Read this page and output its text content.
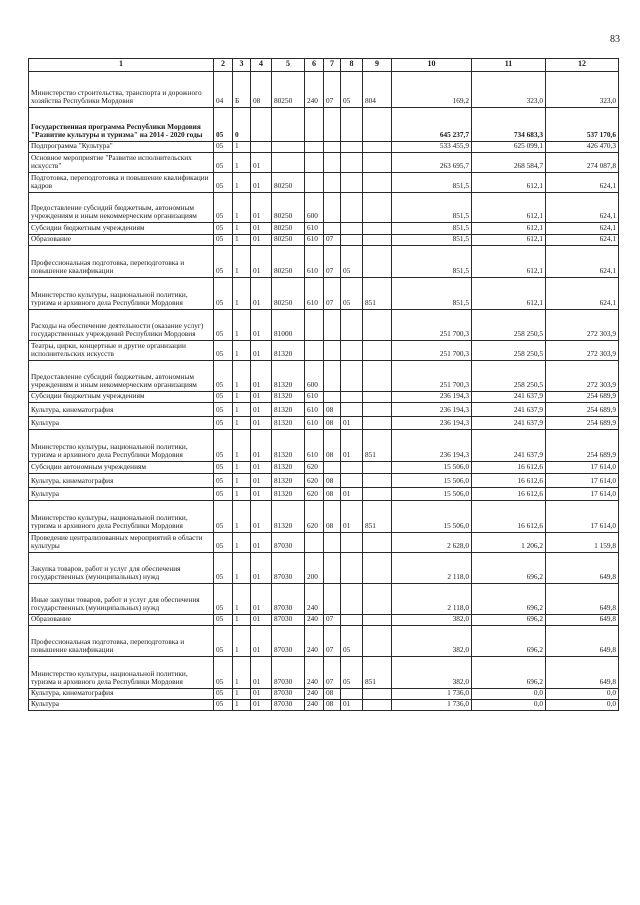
83
1	2	3	4	5	6	7	8	9	10	11	12
Министерство строительства, транспорта и дорожного хозяйства Республики Мордовия	04	Б	08	80250	240	07	05	804	169,2	323,0	323,0
Государственная программа Республики Мордовия "Развитие культуры и туризма" на 2014 - 2020 годы	05	0							645 237,7	734 683,3	537 170,6
Подпрограмма "Культура"	05	1							533 455,9	625 099,1	426 470,3
Основное мероприятие "Развитие исполнительских искусств"	05	1	01						263 695,7	268 584,7	274 087,8
Подготовка, переподготовка и повышение квалификации кадров	05	1	01	80250					851,5	612,1	624,1
Предоставление субсидий бюджетным, автономным учреждениям и иным некоммерческим организациям	05	1	01	80250	600				851,5	612,1	624,1
Субсидии бюджетным учреждениям	05	1	01	80250	610				851,5	612,1	624,1
Образование	05	1	01	80250	610	07			851,5	612,1	624,1
Профессиональная подготовка, переподготовка и повышение квалификации	05	1	01	80250	610	07	05		851,5	612,1	624,1
Министерство культуры, национальной политики, туризма и архивного дела Республики Мордовия	05	1	01	80250	610	07	05	851	851,5	612,1	624,1
Расходы на обеспечение деятельности (оказание услуг) государственных учреждений Республики Мордовия	05	1	01	81000					251 700,3	258 250,5	272 303,9
Театры, цирки, концертные и другие организации исполнительских искусств	05	1	01	81320					251 700,3	258 250,5	272 303,9
Предоставление субсидий бюджетным, автономным учреждениям и иным некоммерческим организациям	05	1	01	81320	600				251 700,3	258 250,5	272 303,9
Субсидии бюджетным учреждениям	05	1	01	81320	610				236 194,3	241 637,9	254 689,9
Культура, кинематография	05	1	01	81320	610	08			236 194,3	241 637,9	254 689,9
Культура	05	1	01	81320	610	08	01		236 194,3	241 637,9	254 689,9
Министерство культуры, национальной политики, туризма и архивного дела Республики Мордовия	05	1	01	81320	610	08	01	851	236 194,3	241 637,9	254 689,9
Субсидии автономным учреждениям	05	1	01	81320	620				15 506,0	16 612,6	17 614,0
Культура, кинематография	05	1	01	81320	620	08			15 506,0	16 612,6	17 614,0
Культура	05	1	01	81320	620	08	01		15 506,0	16 612,6	17 614,0
Министерство культуры, национальной политики, туризма и архивного дела Республики Мордовия	05	1	01	81320	620	08	01	851	15 506,0	16 612,6	17 614,0
Проведение централизованных мероприятий в области культуры	05	1	01	87030					2 628,0	1 206,2	1 159,8
Закупка товаров, работ и услуг для обеспечения государственных (муниципальных) нужд	05	1	01	87030	200				2 118,0	696,2	649,8
Иные закупки товаров, работ и услуг для обеспечения государственных (муниципальных) нужд	05	1	01	87030	240				2 118,0	696,2	649,8
Образование	05	1	01	87030	240	07			382,0	696,2	649,8
Профессиональная подготовка, переподготовка и повышение квалификации	05	1	01	87030	240	07	05		382,0	696,2	649,8
Министерство культуры, национальной политики, туризма и архивного дела Республики Мордовия	05	1	01	87030	240	07	05	851	382,0	696,2	649,8
Культура, кинематография	05	1	01	87030	240	08			1 736,0	0,0	0,0
Культура	05	1	01	87030	240	08	01		1 736,0	0,0	0,0
